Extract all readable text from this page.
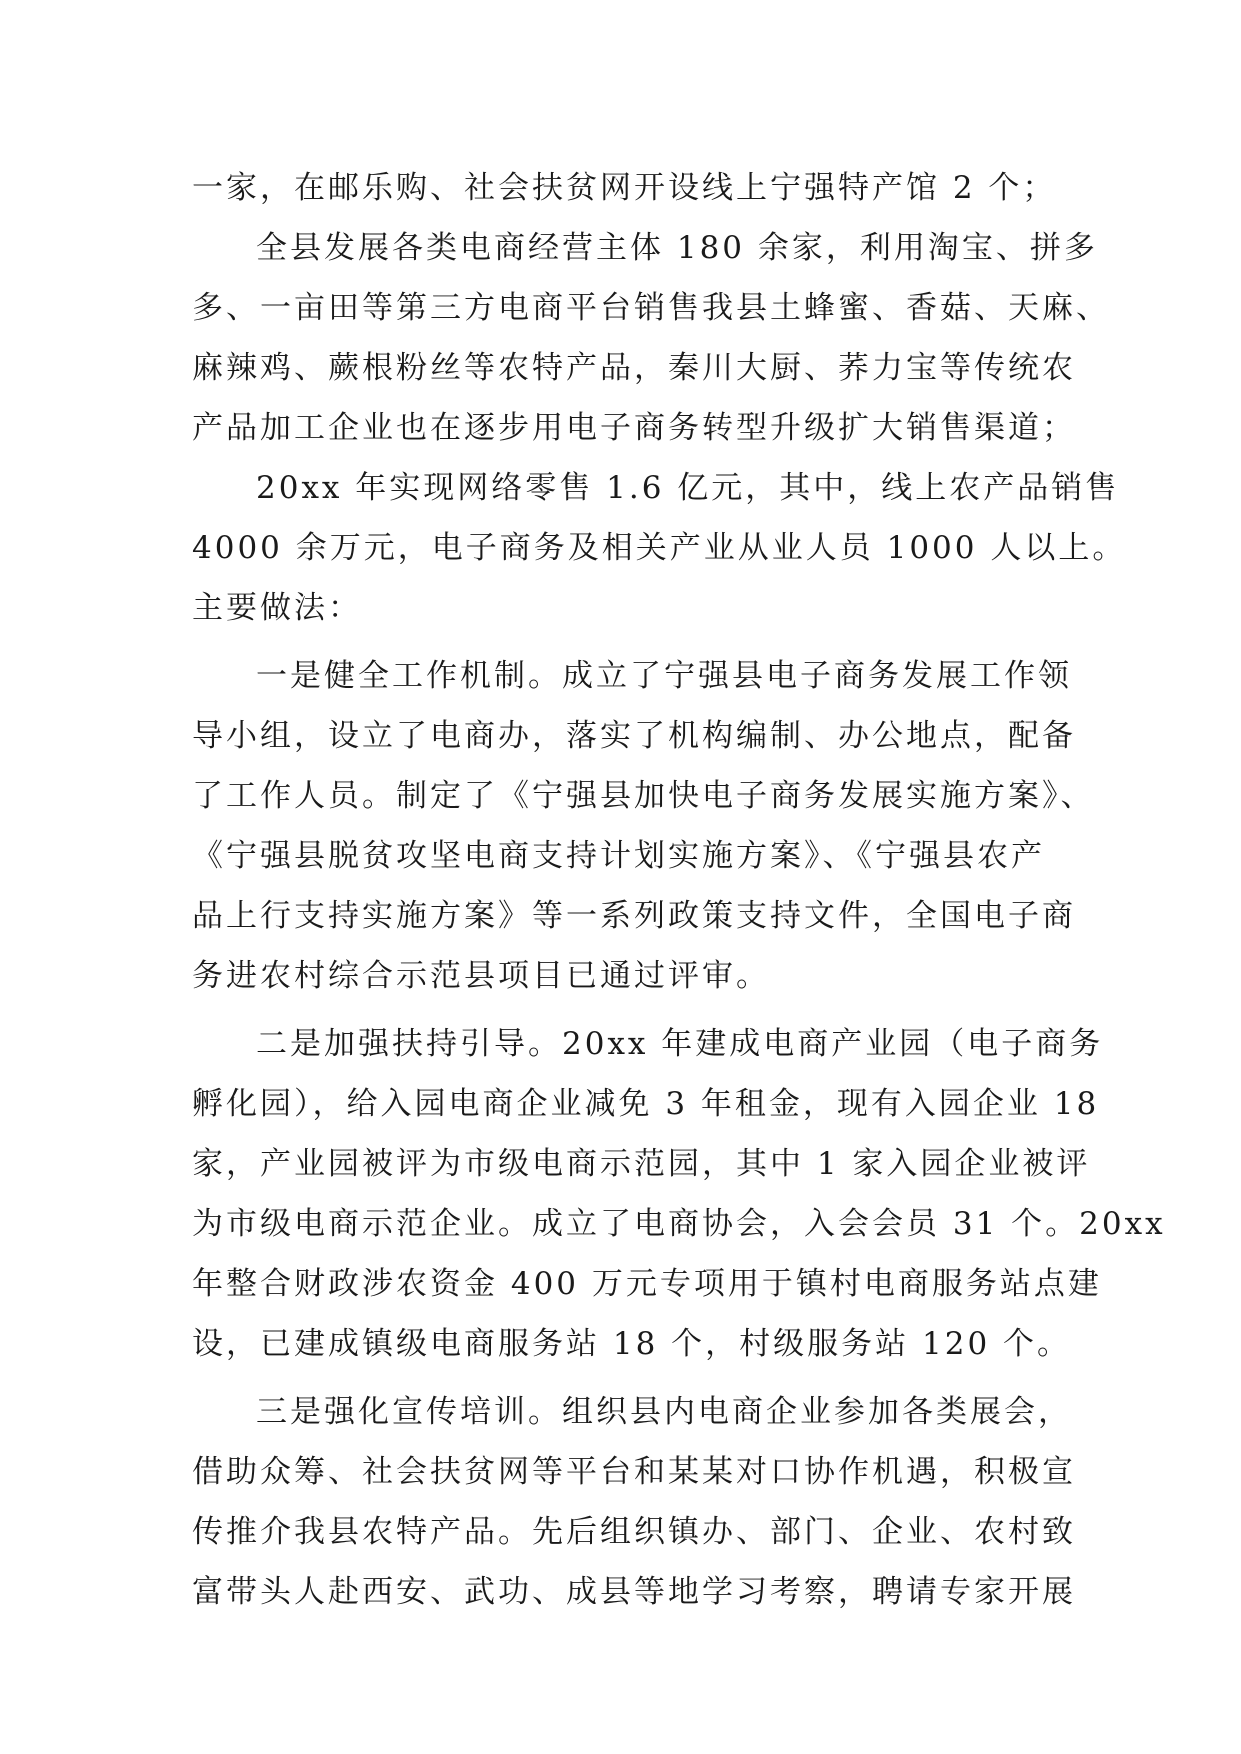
一家，在邮乐购、社会扶贫网开设线上宁强特产馆 2 个；
全县发展各类电商经营主体 180 余家，利用淘宝、拼多
多、一亩田等第三方电商平台销售我县土蜂蜜、香菇、天麻、
麻辣鸡、蕨根粉丝等农特产品，秦川大厨、荞力宝等传统农
产品加工企业也在逐步用电子商务转型升级扩大销售渠道；
20xx 年实现网络零售 1.6 亿元，其中，线上农产品销售
4000 余万元，电子商务及相关产业从业人员 1000 人以上。
主要做法：
一是健全工作机制。成立了宁强县电子商务发展工作领
导小组，设立了电商办，落实了机构编制、办公地点，配备
了工作人员。制定了《宁强县加快电子商务发展实施方案》、
《宁强县脱贫攻坚电商支持计划实施方案》、《宁强县农产
品上行支持实施方案》等一系列政策支持文件，全国电子商
务进农村综合示范县项目已通过评审。
二是加强扶持引导。20xx 年建成电商产业园（电子商务
孵化园），给入园电商企业减免 3 年租金，现有入园企业 18
家，产业园被评为市级电商示范园，其中 1 家入园企业被评
为市级电商示范企业。成立了电商协会，入会会员 31 个。20xx
年整合财政涉农资金 400 万元专项用于镇村电商服务站点建
设，已建成镇级电商服务站 18 个，村级服务站 120 个。
三是强化宣传培训。组织县内电商企业参加各类展会，
借助众筹、社会扶贫网等平台和某某对口协作机遇，积极宣
传推介我县农特产品。先后组织镇办、部门、企业、农村致
富带头人赴西安、武功、成县等地学习考察，聘请专家开展
